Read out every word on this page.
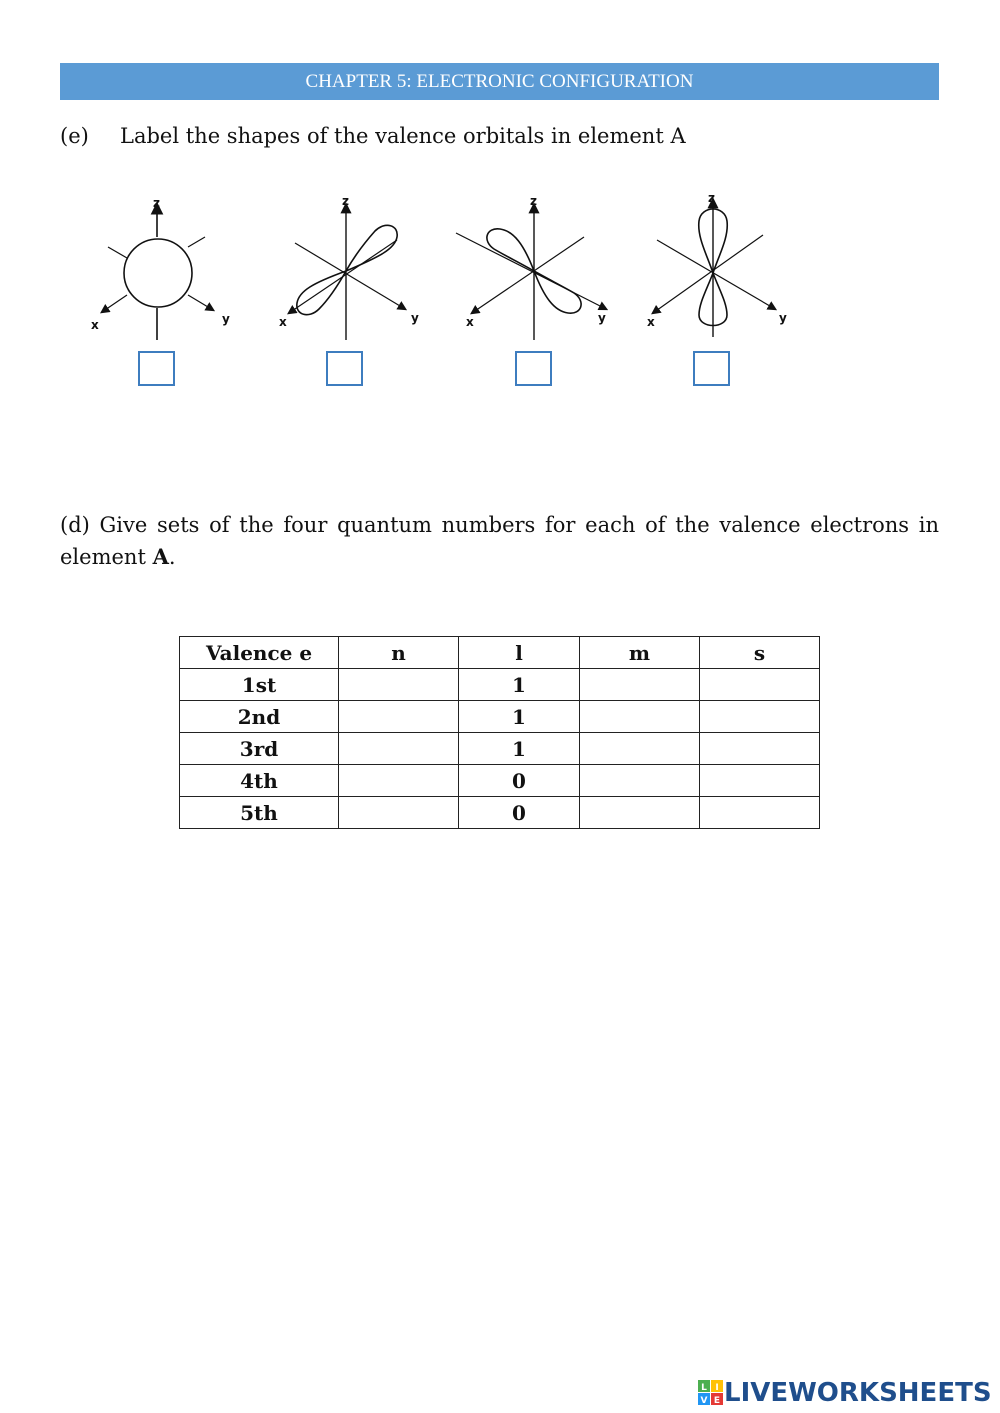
CHAPTER 5: ELECTRONIC CONFIGURATION
(e) Label the shapes of the valence orbitals in element A
z
x	y
z
x	y
z
x	y
z
x	y
(d) Give sets of the four quantum numbers for each of the valence electrons in element A.
Valence e	n	l	m	s
1st		1		
2nd		1		
3rd		1		
4th		0		
5th		0		
L I
V E LIVEWORKSHEETS
